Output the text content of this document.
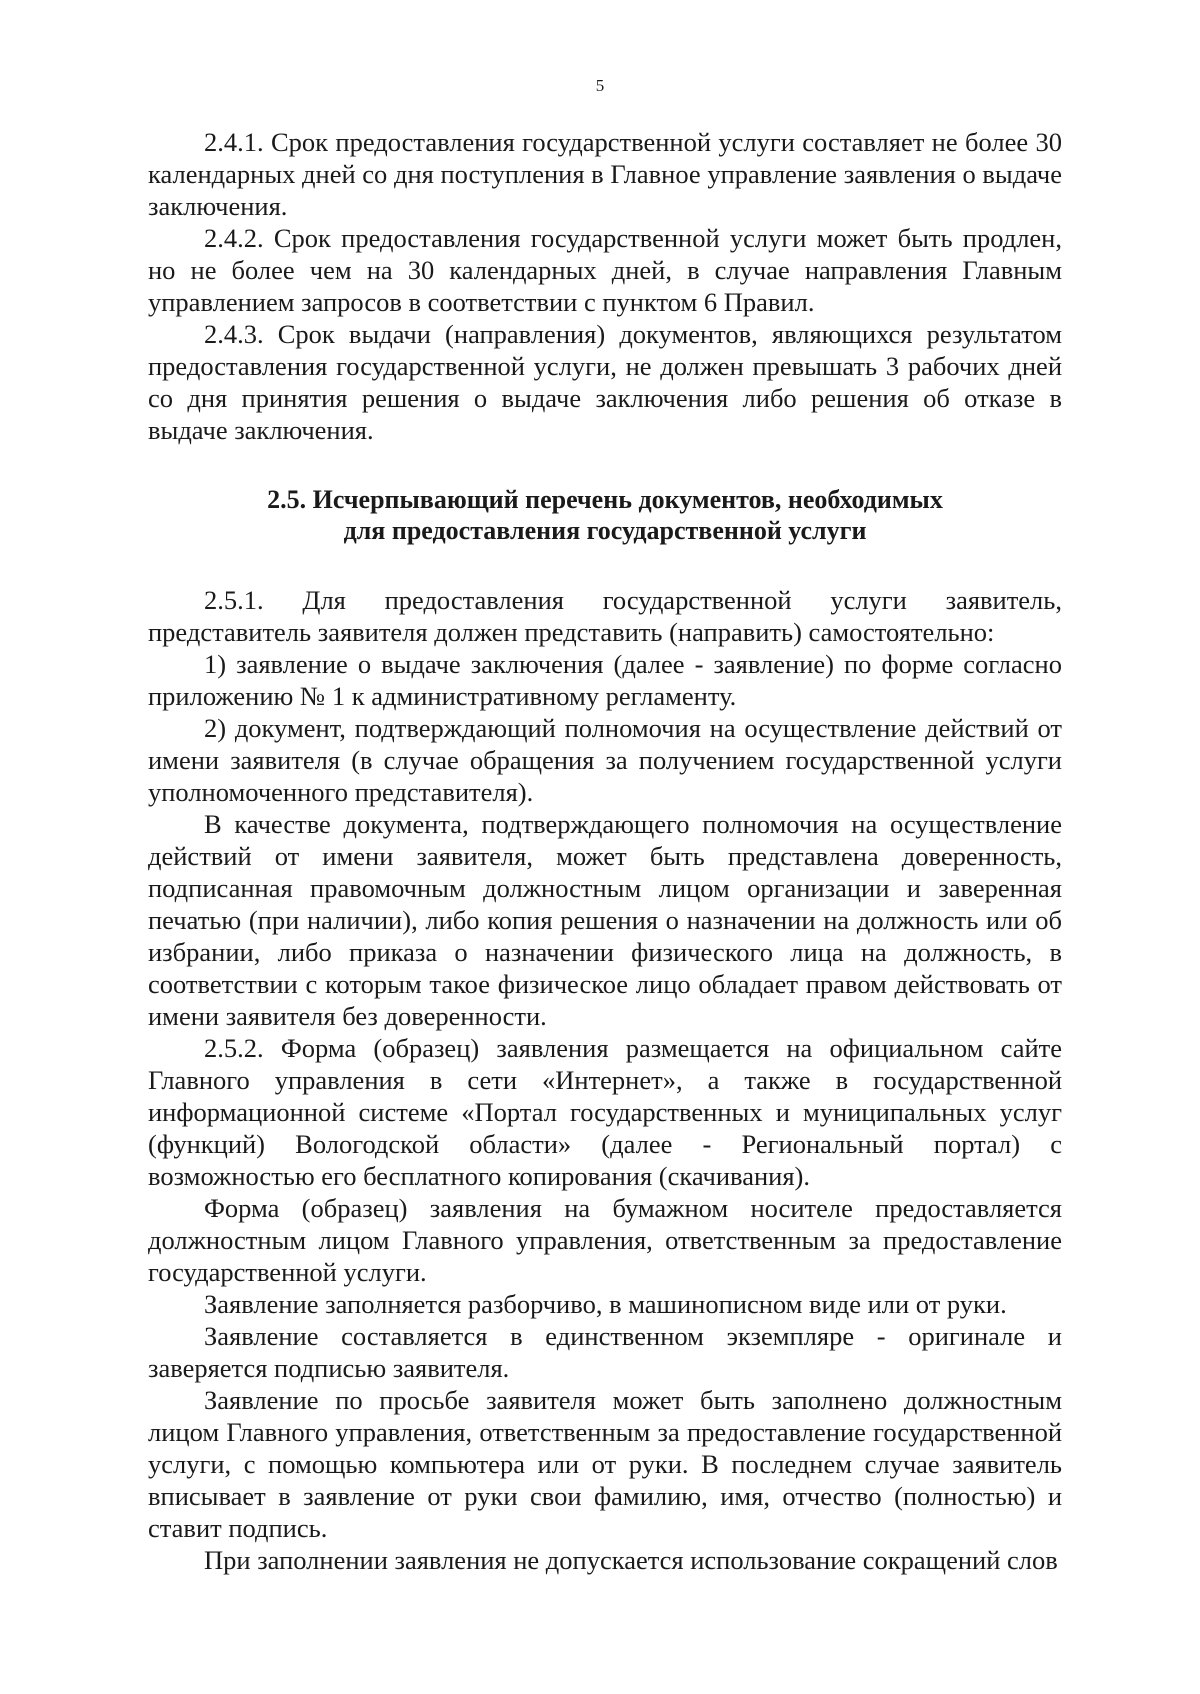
5

2.4.1. Срок предоставления государственной услуги составляет не более 30 календарных дней со дня поступления в Главное управление заявления о выдаче заключения.

2.4.2. Срок предоставления государственной услуги может быть продлен, но не более чем на 30 календарных дней, в случае направления Главным управлением запросов в соответствии с пунктом 6 Правил.

2.4.3. Срок выдачи (направления) документов, являющихся результатом предоставления государственной услуги, не должен превышать 3 рабочих дней со дня принятия решения о выдаче заключения либо решения об отказе в выдаче заключения.

2.5. Исчерпывающий перечень документов, необходимых
для предоставления государственной услуги

2.5.1. Для предоставления государственной услуги заявитель, представитель заявителя должен представить (направить) самостоятельно:

1) заявление о выдаче заключения (далее - заявление) по форме согласно приложению № 1 к административному регламенту.

2) документ, подтверждающий полномочия на осуществление действий от имени заявителя (в случае обращения за получением государственной услуги уполномоченного представителя).

В качестве документа, подтверждающего полномочия на осуществление действий от имени заявителя, может быть представлена доверенность, подписанная правомочным должностным лицом организации и заверенная печатью (при наличии), либо копия решения о назначении на должность или об избрании, либо приказа о назначении физического лица на должность, в соответствии с которым такое физическое лицо обладает правом действовать от имени заявителя без доверенности.

2.5.2. Форма (образец) заявления размещается на официальном сайте Главного управления в сети «Интернет», а также в государственной информационной системе «Портал государственных и муниципальных услуг (функций) Вологодской области» (далее - Региональный портал) с возможностью его бесплатного копирования (скачивания).

Форма (образец) заявления на бумажном носителе предоставляется должностным лицом Главного управления, ответственным за предоставление государственной услуги.

Заявление заполняется разборчиво, в машинописном виде или от руки.

Заявление составляется в единственном экземпляре - оригинале и заверяется подписью заявителя.

Заявление по просьбе заявителя может быть заполнено должностным лицом Главного управления, ответственным за предоставление государственной услуги, с помощью компьютера или от руки. В последнем случае заявитель вписывает в заявление от руки свои фамилию, имя, отчество (полностью) и ставит подпись.

При заполнении заявления не допускается использование сокращений слов
